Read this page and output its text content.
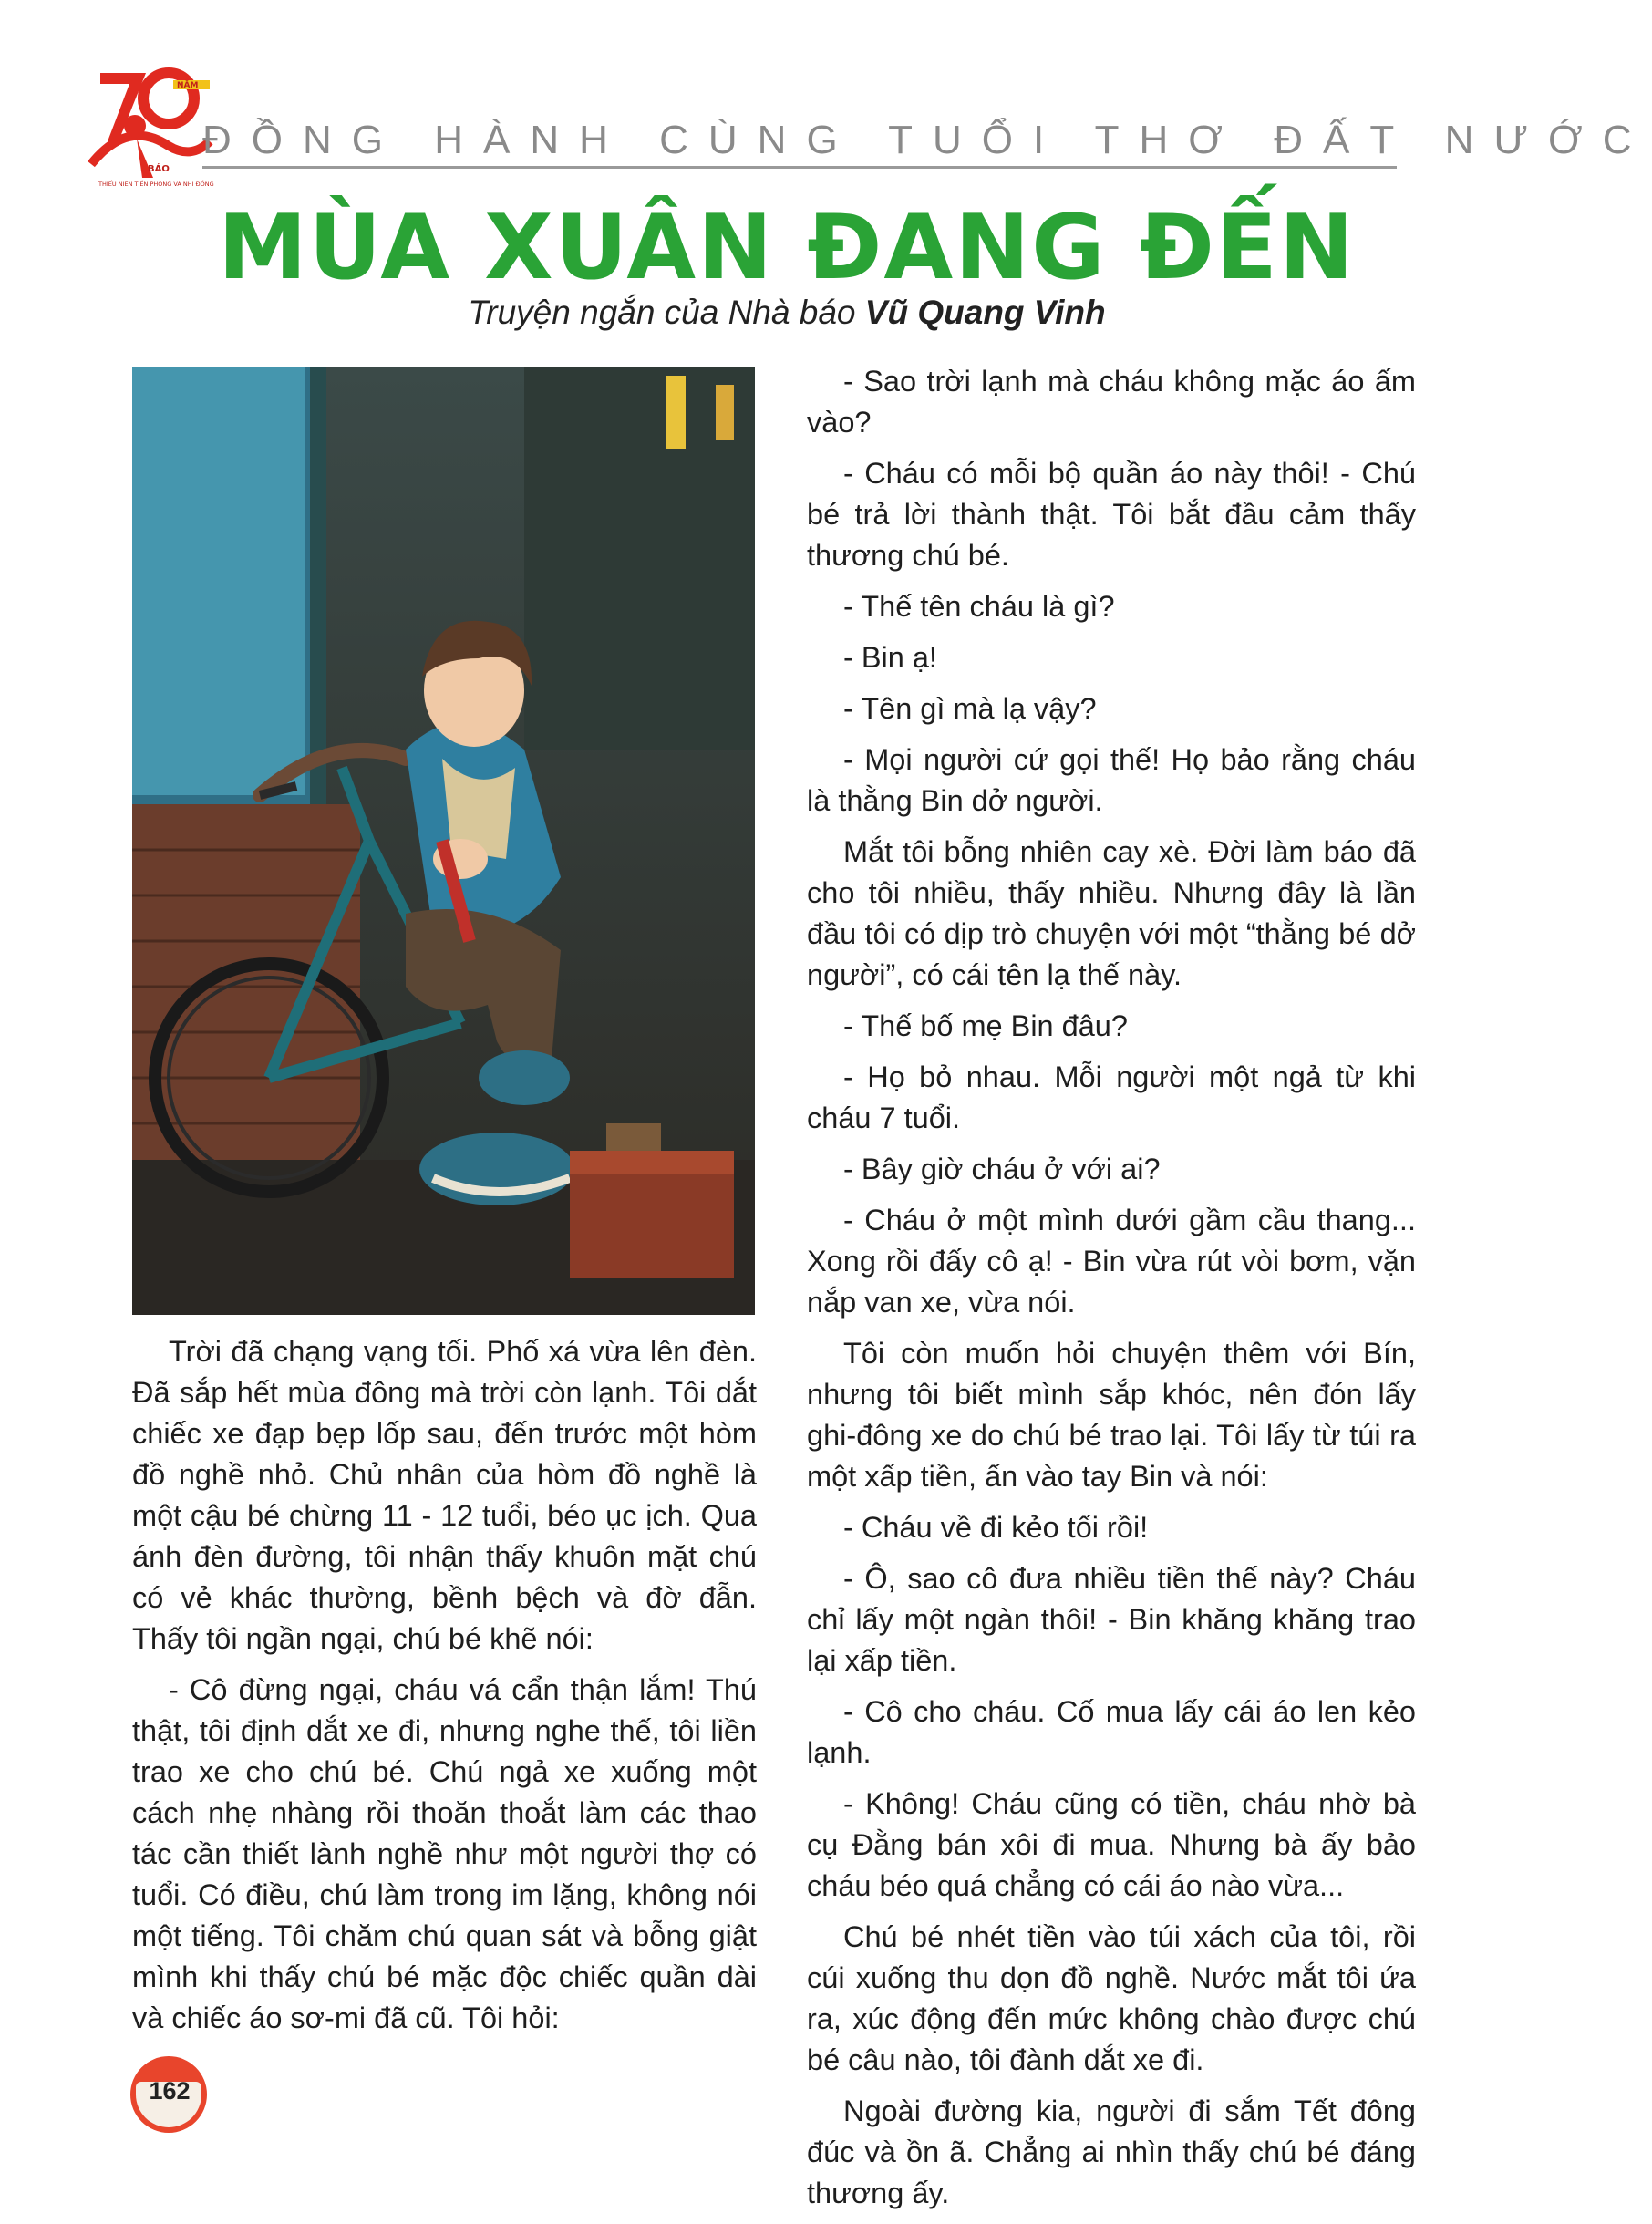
NĂM
BÁO
THIẾU NIÊN TIỀN PHONG VÀ NHI ĐỒNG
ĐỒNG HÀNH CÙNG TUỔI THƠ ĐẤT NƯỚC
MÙA XUÂN ĐANG ĐẾN
Truyện ngắn của Nhà báo Vũ Quang Vinh

Trời đã chạng vạng tối. Phố xá vừa lên đèn. Đã sắp hết mùa đông mà trời còn lạnh. Tôi dắt chiếc xe đạp bẹp lốp sau, đến trước một hòm đồ nghề nhỏ. Chủ nhân của hòm đồ nghề là một cậu bé chừng 11 - 12 tuổi, béo ục ịch. Qua ánh đèn đường, tôi nhận thấy khuôn mặt chú có vẻ khác thường, bềnh bệch và đờ đẫn. Thấy tôi ngần ngại, chú bé khẽ nói:

- Cô đừng ngại, cháu vá cẩn thận lắm! Thú thật, tôi định dắt xe đi, nhưng nghe thế, tôi liền trao xe cho chú bé. Chú ngả xe xuống một cách nhẹ nhàng rồi thoăn thoắt làm các thao tác cần thiết lành nghề như một người thợ có tuổi. Có điều, chú làm trong im lặng, không nói một tiếng. Tôi chăm chú quan sát và bỗng giật mình khi thấy chú bé mặc độc chiếc quần dài và chiếc áo sơ-mi đã cũ. Tôi hỏi:

- Sao trời lạnh mà cháu không mặc áo ấm vào?

- Cháu có mỗi bộ quần áo này thôi! - Chú bé trả lời thành thật. Tôi bắt đầu cảm thấy thương chú bé.

- Thế tên cháu là gì?

- Bin ạ!

- Tên gì mà lạ vậy?

- Mọi người cứ gọi thế! Họ bảo rằng cháu là thằng Bin dở người.

Mắt tôi bỗng nhiên cay xè. Đời làm báo đã cho tôi nhiều, thấy nhiều. Nhưng đây là lần đầu tôi có dịp trò chuyện với một “thằng bé dở người”, có cái tên lạ thế này.

- Thế bố mẹ Bin đâu?

- Họ bỏ nhau. Mỗi người một ngả từ khi cháu 7 tuổi.

- Bây giờ cháu ở với ai?

- Cháu ở một mình dưới gầm cầu thang... Xong rồi đấy cô ạ! - Bin vừa rút vòi bơm, vặn nắp van xe, vừa nói.

Tôi còn muốn hỏi chuyện thêm với Bín, nhưng tôi biết mình sắp khóc, nên đón lấy ghi-đông xe do chú bé trao lại. Tôi lấy từ túi ra một xấp tiền, ấn vào tay Bin và nói:

- Cháu về đi kẻo tối rồi!

- Ô, sao cô đưa nhiều tiền thế này? Cháu chỉ lấy một ngàn thôi! - Bin khăng khăng trao lại xấp tiền.

- Cô cho cháu. Cố mua lấy cái áo len kẻo lạnh.

- Không! Cháu cũng có tiền, cháu nhờ bà cụ Đằng bán xôi đi mua. Nhưng bà ấy bảo cháu béo quá chẳng có cái áo nào vừa...

Chú bé nhét tiền vào túi xách của tôi, rồi cúi xuống thu dọn đồ nghề. Nước mắt tôi ứa ra, xúc động đến mức không chào được chú bé câu nào, tôi đành dắt xe đi.

Ngoài đường kia, người đi sắm Tết đông đúc và ồn ã. Chẳng ai nhìn thấy chú bé đáng thương ấy.

162
